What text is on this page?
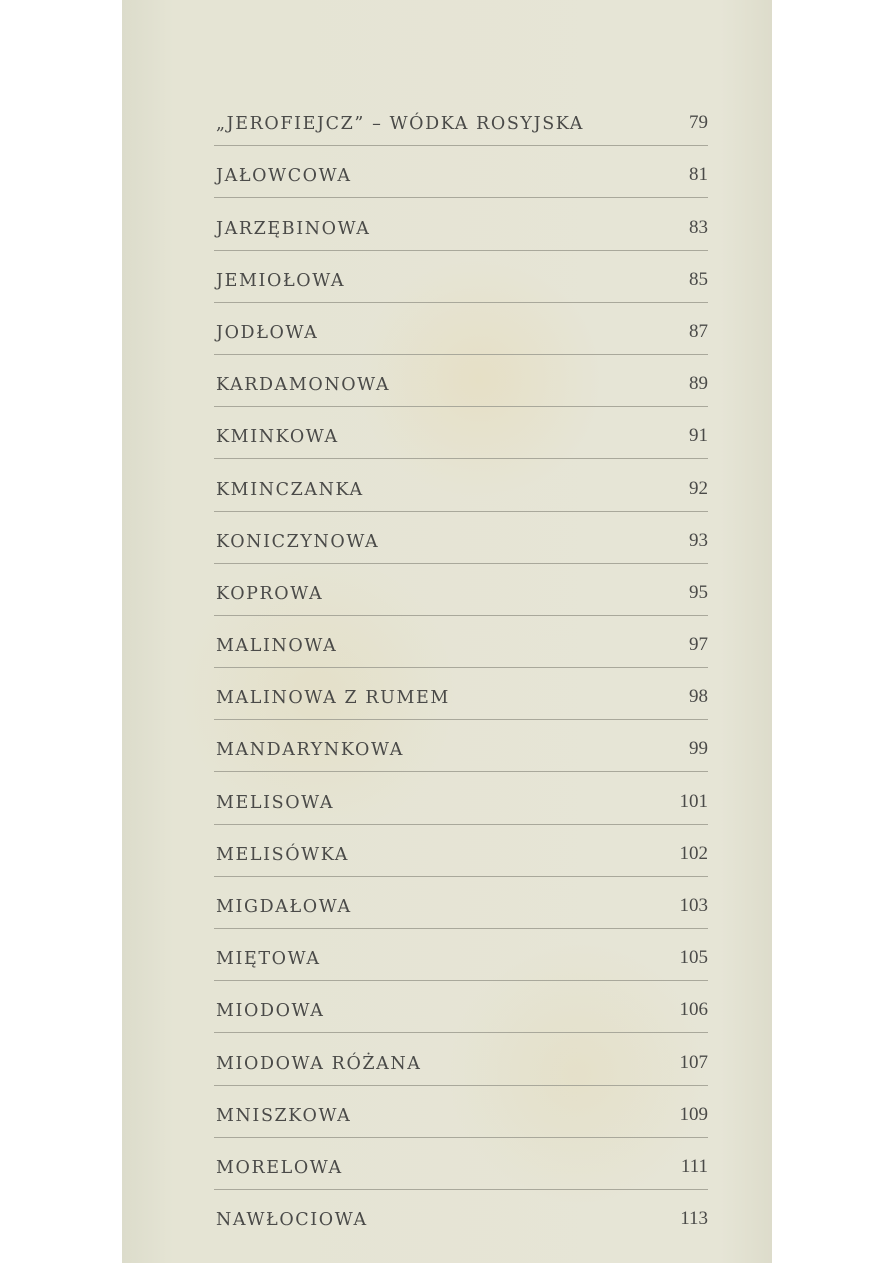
„JEROFIEJCZ” – WÓDKA ROSYJSKA	79
JAŁOWCOWA	81
JARZĘBINOWA	83
JEMIOŁOWA	85
JODŁOWA	87
KARDAMONOWA	89
KMINKOWA	91
KMINCZANKA	92
KONICZYNOWA	93
KOPROWA	95
MALINOWA	97
MALINOWA Z RUMEM	98
MANDARYNKOWA	99
MELISOWA	101
MELISÓWKA	102
MIGDAŁOWA	103
MIĘTOWA	105
MIODOWA	106
MIODOWA RÓŻANA	107
MNISZKOWA	109
MORELOWA	111
NAWŁOCIOWA	113
